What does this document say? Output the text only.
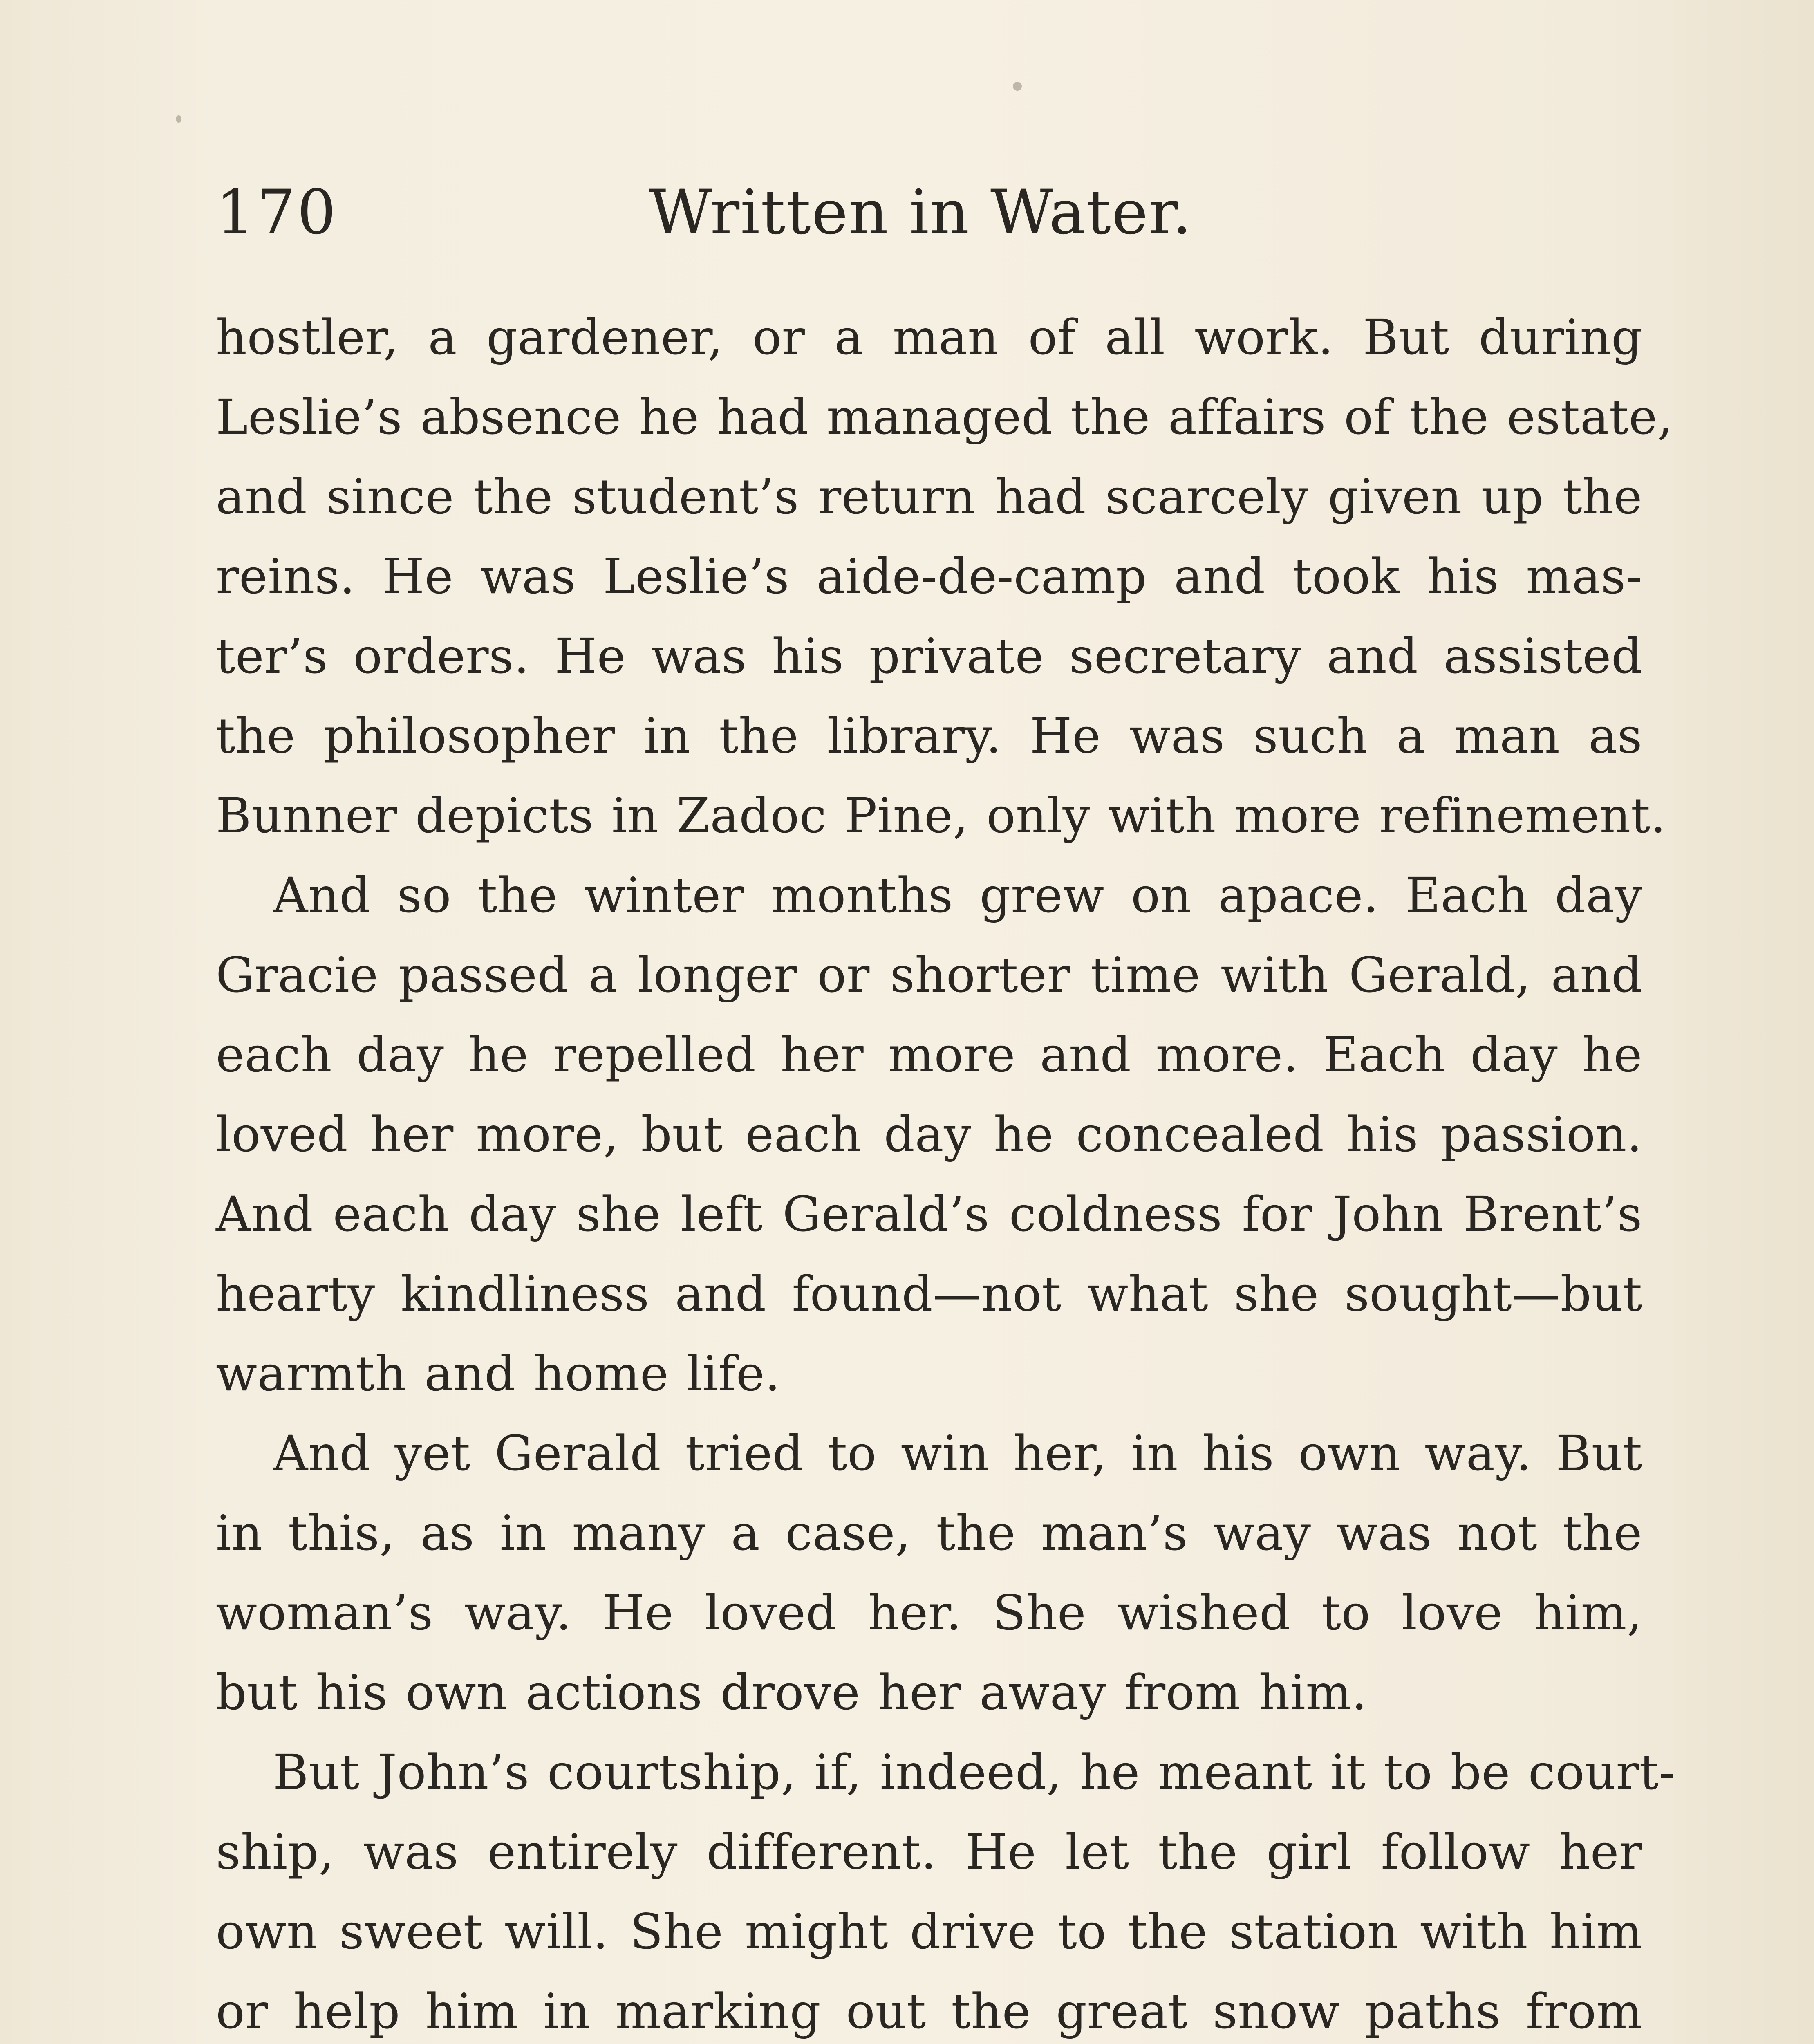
170	Written in Water.

hostler, a gardener, or a man of all work. But during
Leslie’s absence he had managed the affairs of the estate,
and since the student’s return had scarcely given up the
reins. He was Leslie’s aide-de-camp and took his mas-
ter’s orders. He was his private secretary and assisted
the philosopher in the library. He was such a man as
Bunner depicts in Zadoc Pine, only with more refinement.

And so the winter months grew on apace. Each day
Gracie passed a longer or shorter time with Gerald, and
each day he repelled her more and more. Each day he
loved her more, but each day he concealed his passion.
And each day she left Gerald’s coldness for John Brent’s
hearty kindliness and found—not what she sought—but
warmth and home life.

And yet Gerald tried to win her, in his own way. But
in this, as in many a case, the man’s way was not the
woman’s way. He loved her. She wished to love him,
but his own actions drove her away from him.

But John’s courtship, if, indeed, he meant it to be court-
ship, was entirely different. He let the girl follow her
own sweet will. She might drive to the station with him
or help him in marking out the great snow paths from
